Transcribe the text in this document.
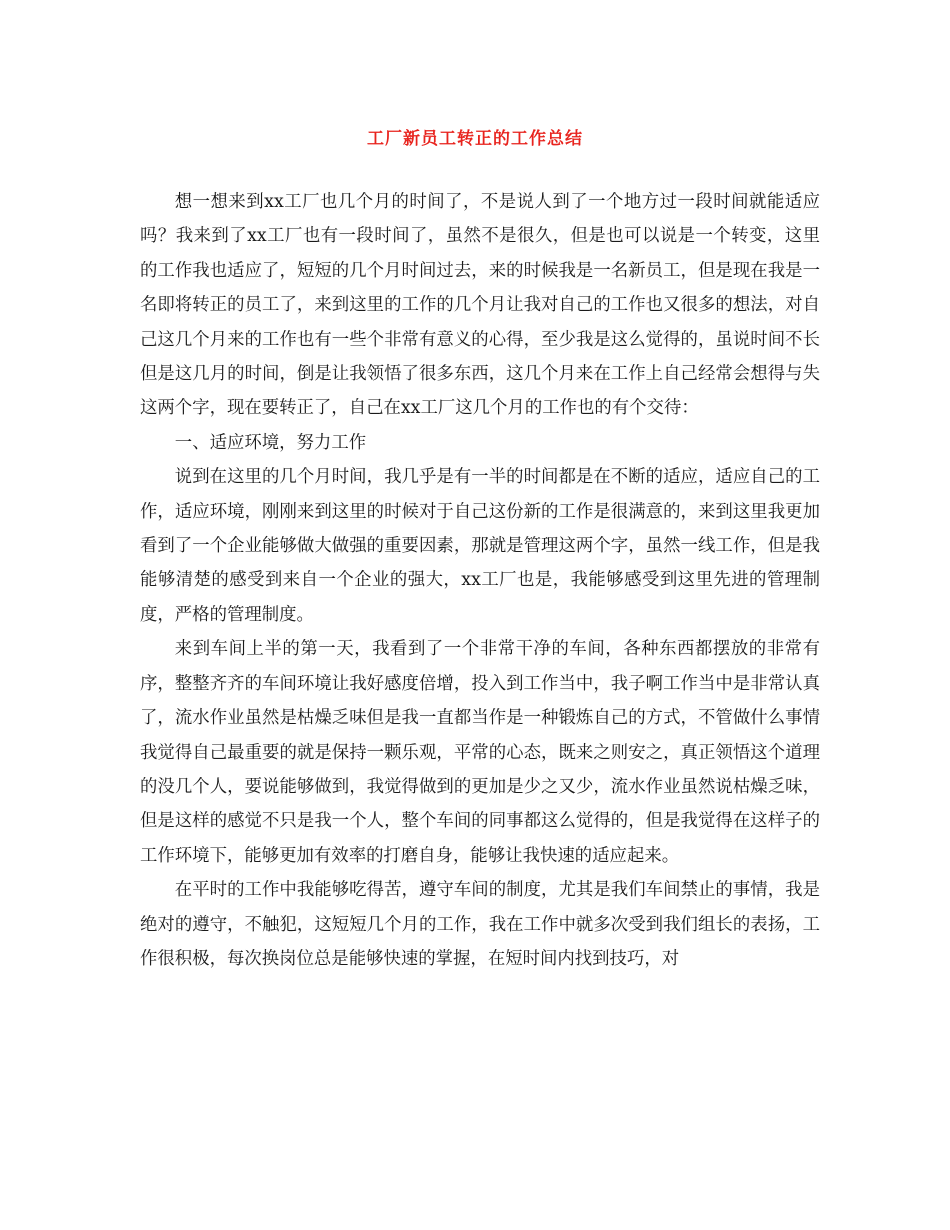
工厂新员工转正的工作总结

想一想来到xx工厂也几个月的时间了，不是说人到了一个地方过一段时间就能适应吗？我来到了xx工厂也有一段时间了，虽然不是很久，但是也可以说是一个转变，这里的工作我也适应了，短短的几个月时间过去，来的时候我是一名新员工，但是现在我是一名即将转正的员工了，来到这里的工作的几个月让我对自己的工作也又很多的想法，对自己这几个月来的工作也有一些个非常有意义的心得，至少我是这么觉得的，虽说时间不长但是这几月的时间，倒是让我领悟了很多东西，这几个月来在工作上自己经常会想得与失这两个字，现在要转正了，自己在xx工厂这几个月的工作也的有个交待：

一、适应环境，努力工作

说到在这里的几个月时间，我几乎是有一半的时间都是在不断的适应，适应自己的工作，适应环境，刚刚来到这里的时候对于自己这份新的工作是很满意的，来到这里我更加看到了一个企业能够做大做强的重要因素，那就是管理这两个字，虽然一线工作，但是我能够清楚的感受到来自一个企业的强大，xx工厂也是，我能够感受到这里先进的管理制度，严格的管理制度。

来到车间上半的第一天，我看到了一个非常干净的车间，各种东西都摆放的非常有序，整整齐齐的车间环境让我好感度倍增，投入到工作当中，我子啊工作当中是非常认真了，流水作业虽然是枯燥乏味但是我一直都当作是一种锻炼自己的方式，不管做什么事情我觉得自己最重要的就是保持一颗乐观，平常的心态，既来之则安之，真正领悟这个道理的没几个人，要说能够做到，我觉得做到的更加是少之又少，流水作业虽然说枯燥乏味，但是这样的感觉不只是我一个人，整个车间的同事都这么觉得的，但是我觉得在这样子的工作环境下，能够更加有效率的打磨自身，能够让我快速的适应起来。

在平时的工作中我能够吃得苦，遵守车间的制度，尤其是我们车间禁止的事情，我是绝对的遵守，不触犯，这短短几个月的工作，我在工作中就多次受到我们组长的表扬，工作很积极，每次换岗位总是能够快速的掌握，在短时间内找到技巧，对
